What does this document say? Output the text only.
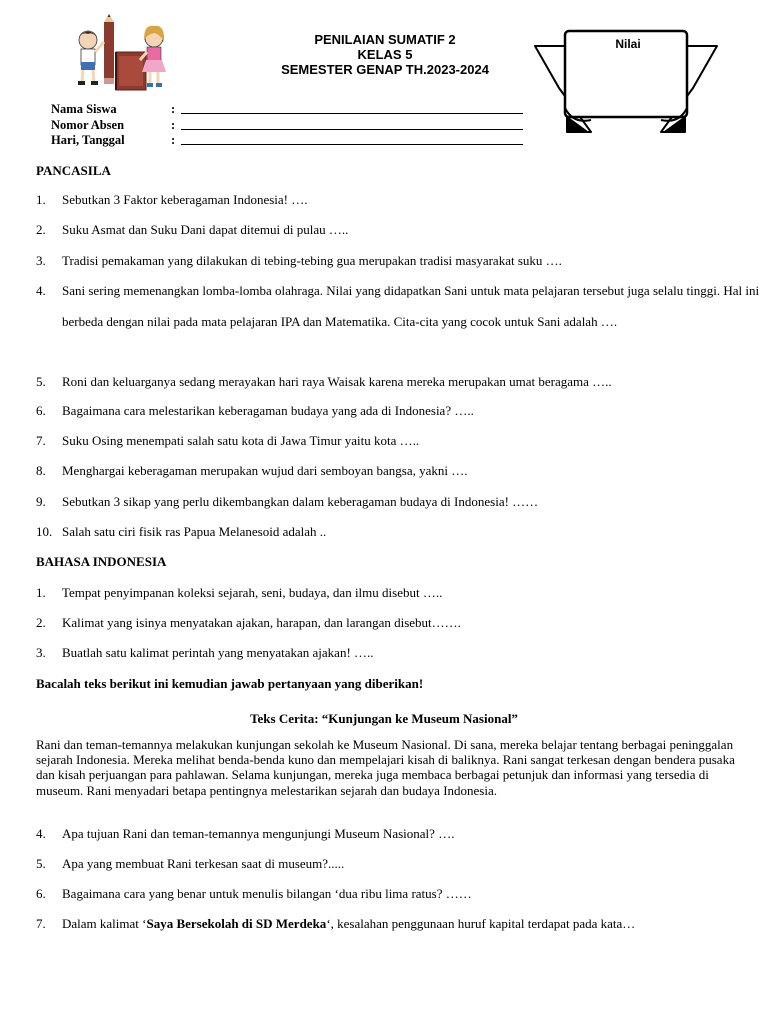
PENILAIAN SUMATIF 2
KELAS 5
SEMESTER GENAP TH.2023-2024
Nilai
Nama Siswa	:
Nomor Absen	:
Hari, Tanggal	:
PANCASILA
1. Sebutkan 3 Faktor keberagaman Indonesia! ….
2. Suku Asmat dan Suku Dani dapat ditemui di pulau …..
3. Tradisi pemakaman yang dilakukan di tebing-tebing gua merupakan tradisi masyarakat suku ….
4. Sani sering memenangkan lomba-lomba olahraga. Nilai yang didapatkan Sani untuk mata pelajaran tersebut juga selalu tinggi. Hal ini berbeda dengan nilai pada mata pelajaran IPA dan Matematika. Cita-cita yang cocok untuk Sani adalah ….
5. Roni dan keluarganya sedang merayakan hari raya Waisak karena mereka merupakan umat beragama …..
6. Bagaimana cara melestarikan keberagaman budaya yang ada di Indonesia? …..
7. Suku Osing menempati salah satu kota di Jawa Timur yaitu kota …..
8. Menghargai keberagaman merupakan wujud dari semboyan bangsa, yakni ….
9. Sebutkan 3 sikap yang perlu dikembangkan dalam keberagaman budaya di Indonesia! ……
10. Salah satu ciri fisik ras Papua Melanesoid adalah ..
BAHASA INDONESIA
1. Tempat penyimpanan koleksi sejarah, seni, budaya, dan ilmu disebut …..
2. Kalimat yang isinya menyatakan ajakan, harapan, dan larangan disebut…….
3. Buatlah satu kalimat perintah yang menyatakan ajakan! …..
Bacalah teks berikut ini kemudian jawab pertanyaan yang diberikan!
Teks Cerita: “Kunjungan ke Museum Nasional”
Rani dan teman-temannya melakukan kunjungan sekolah ke Museum Nasional. Di sana, mereka belajar tentang berbagai peninggalan sejarah Indonesia. Mereka melihat benda-benda kuno dan mempelajari kisah di baliknya. Rani sangat terkesan dengan bendera pusaka dan kisah perjuangan para pahlawan. Selama kunjungan, mereka juga membaca berbagai petunjuk dan informasi yang tersedia di museum. Rani menyadari betapa pentingnya melestarikan sejarah dan budaya Indonesia.
4. Apa tujuan Rani dan teman-temannya mengunjungi Museum Nasional? ….
5. Apa yang membuat Rani terkesan saat di museum?.....
6. Bagaimana cara yang benar untuk menulis bilangan ‘dua ribu lima ratus? ……
7. Dalam kalimat ‘Saya Bersekolah di SD Merdeka‘, kesalahan penggunaan huruf kapital terdapat pada kata…
